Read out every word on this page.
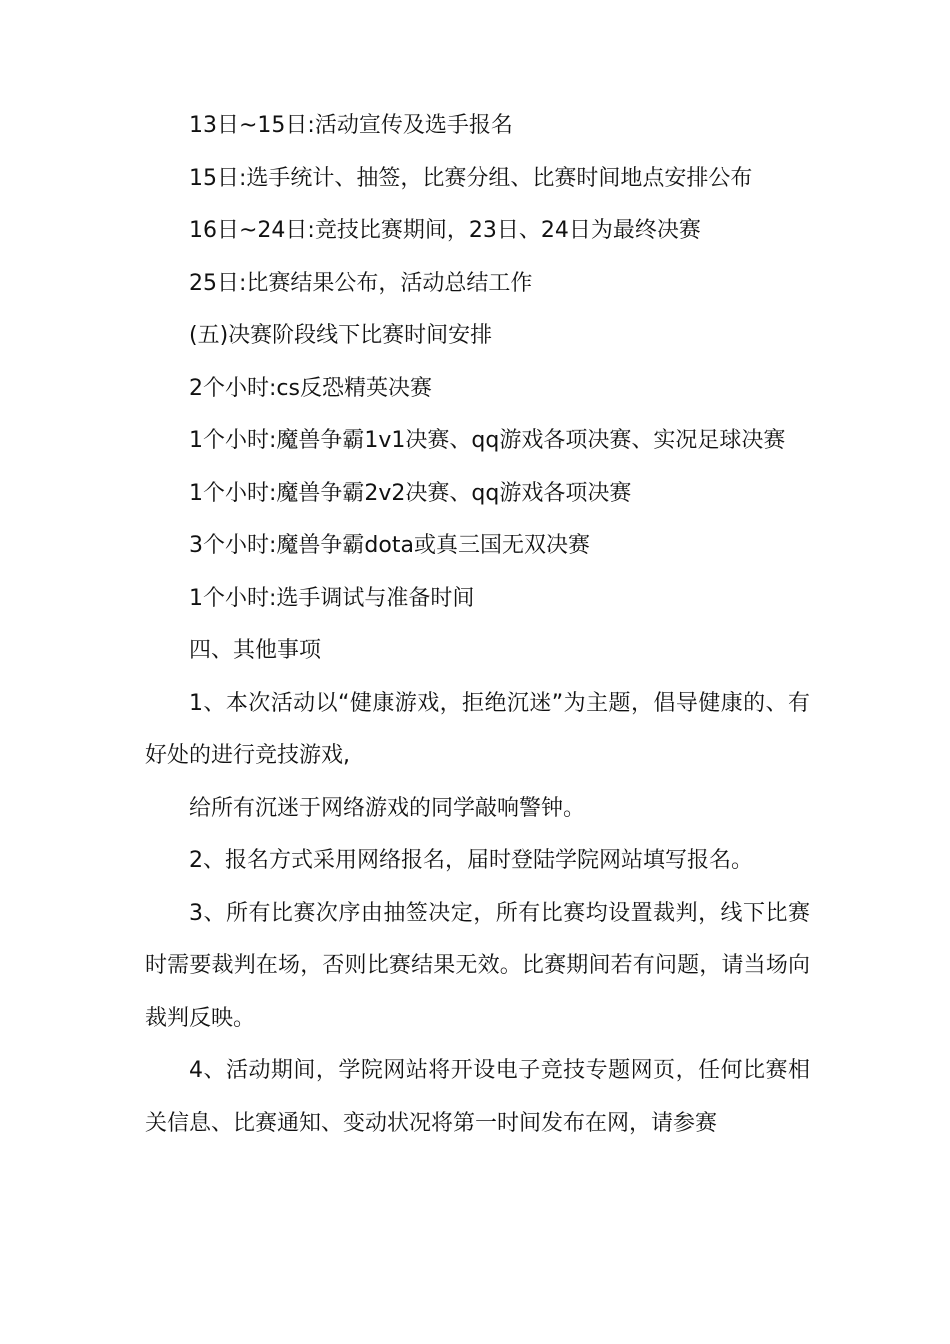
13日~15日:活动宣传及选手报名

15日:选手统计、抽签，比赛分组、比赛时间地点安排公布

16日~24日:竞技比赛期间，23日、24日为最终决赛

25日:比赛结果公布，活动总结工作

(五)决赛阶段线下比赛时间安排

2个小时:cs反恐精英决赛

1个小时:魔兽争霸1v1决赛、qq游戏各项决赛、实况足球决赛

1个小时:魔兽争霸2v2决赛、qq游戏各项决赛

3个小时:魔兽争霸dota或真三国无双决赛

1个小时:选手调试与准备时间

四、其他事项

1、本次活动以“健康游戏，拒绝沉迷”为主题，倡导健康的、有好处的进行竞技游戏,

给所有沉迷于网络游戏的同学敲响警钟。

2、报名方式采用网络报名，届时登陆学院网站填写报名。

3、所有比赛次序由抽签决定，所有比赛均设置裁判，线下比赛时需要裁判在场，否则比赛结果无效。比赛期间若有问题，请当场向裁判反映。

4、活动期间，学院网站将开设电子竞技专题网页，任何比赛相关信息、比赛通知、变动状况将第一时间发布在网，请参赛
